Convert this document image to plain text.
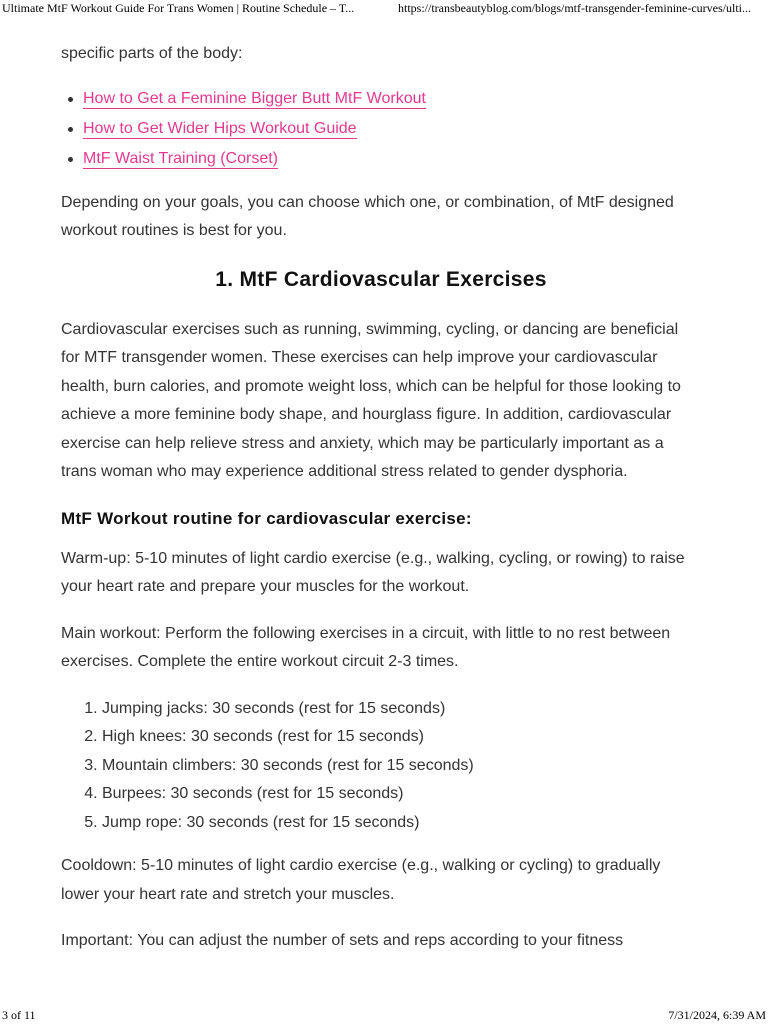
Ultimate MtF Workout Guide For Trans Women | Routine Schedule – T...	https://transbeautyblog.com/blogs/mtf-transgender-feminine-curves/ulti...

specific parts of the body:

How to Get a Feminine Bigger Butt MtF Workout
How to Get Wider Hips Workout Guide
MtF Waist Training (Corset)

Depending on your goals, you can choose which one, or combination, of MtF designed workout routines is best for you.

1. MtF Cardiovascular Exercises

Cardiovascular exercises such as running, swimming, cycling, or dancing are beneficial for MTF transgender women. These exercises can help improve your cardiovascular health, burn calories, and promote weight loss, which can be helpful for those looking to achieve a more feminine body shape, and hourglass figure. In addition, cardiovascular exercise can help relieve stress and anxiety, which may be particularly important as a trans woman who may experience additional stress related to gender dysphoria.

MtF Workout routine for cardiovascular exercise:

Warm-up: 5-10 minutes of light cardio exercise (e.g., walking, cycling, or rowing) to raise your heart rate and prepare your muscles for the workout.

Main workout: Perform the following exercises in a circuit, with little to no rest between exercises. Complete the entire workout circuit 2-3 times.

1. Jumping jacks: 30 seconds (rest for 15 seconds)
2. High knees: 30 seconds (rest for 15 seconds)
3. Mountain climbers: 30 seconds (rest for 15 seconds)
4. Burpees: 30 seconds (rest for 15 seconds)
5. Jump rope: 30 seconds (rest for 15 seconds)

Cooldown: 5-10 minutes of light cardio exercise (e.g., walking or cycling) to gradually lower your heart rate and stretch your muscles.

Important: You can adjust the number of sets and reps according to your fitness

3 of 11	7/31/2024, 6:39 AM
